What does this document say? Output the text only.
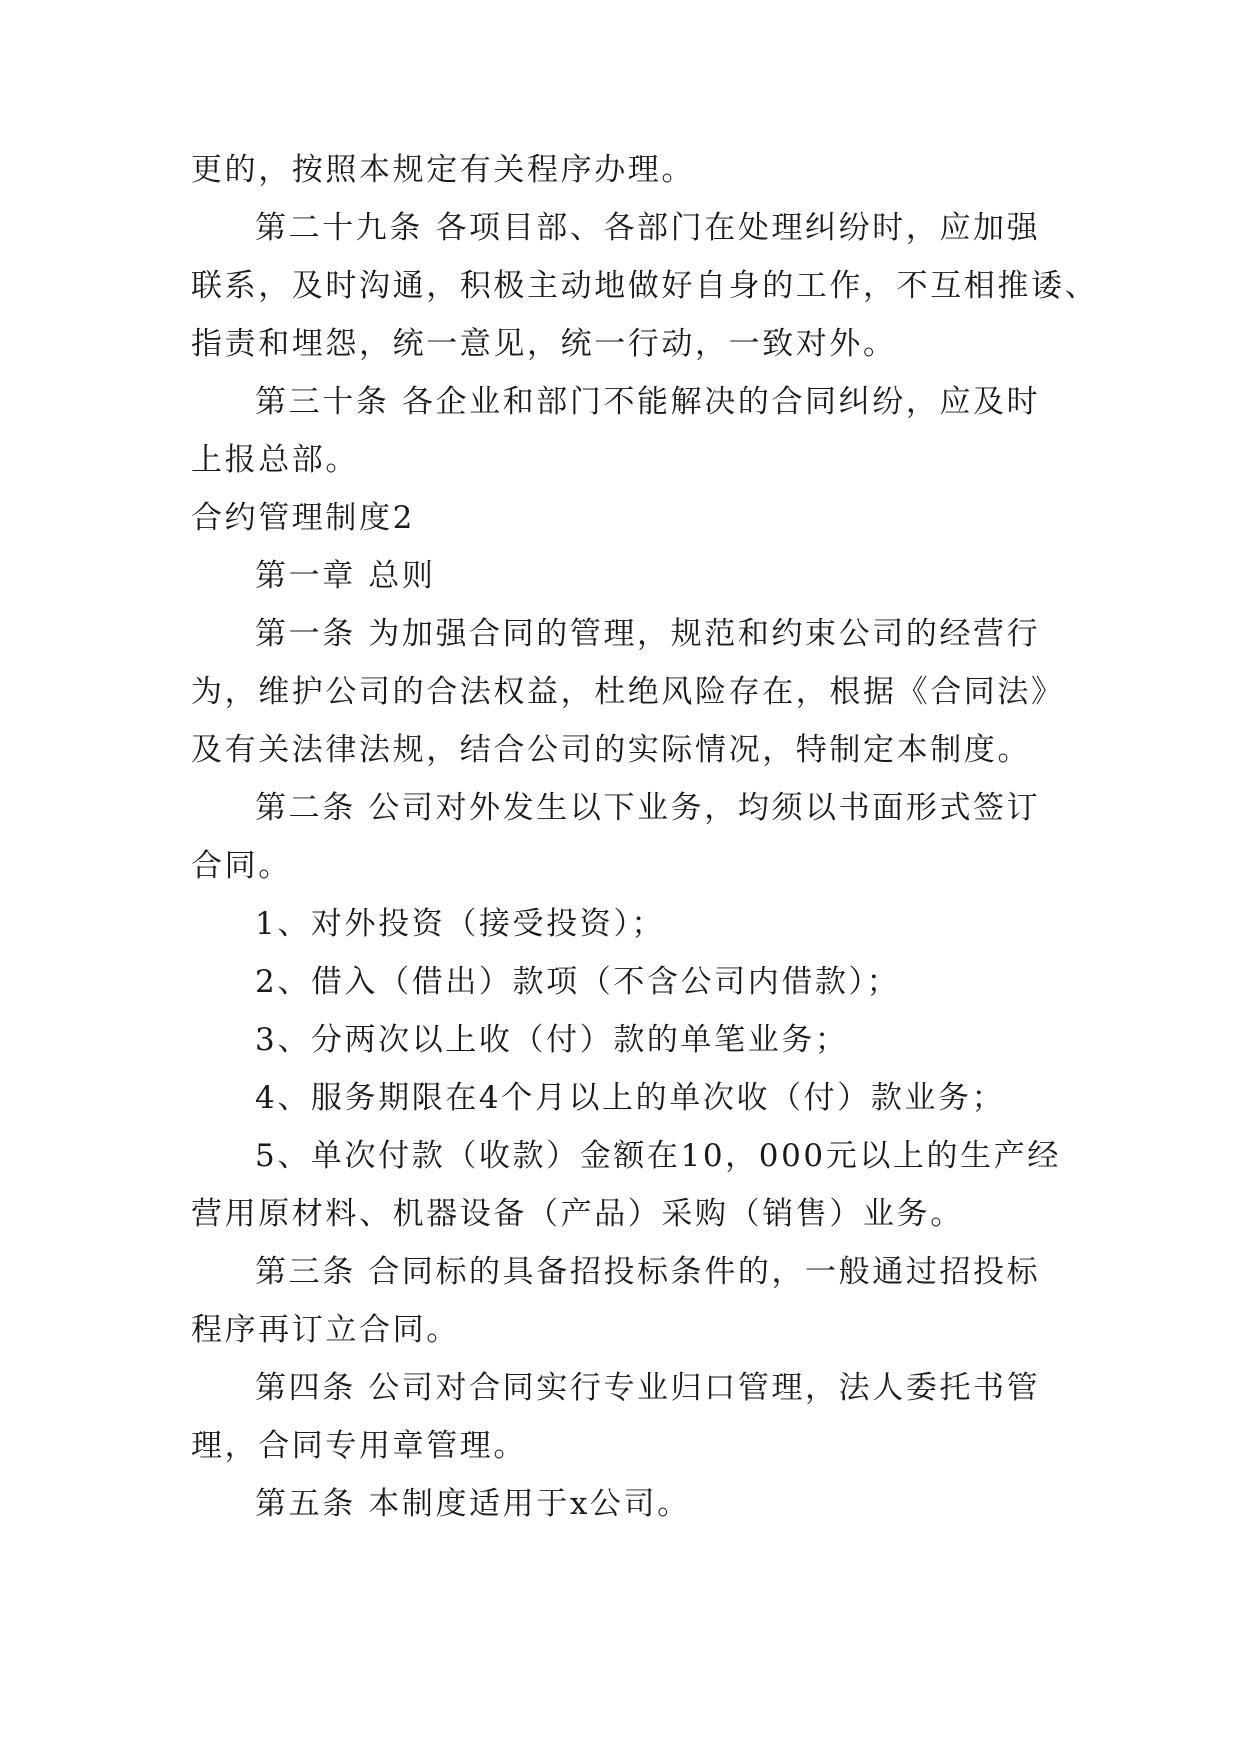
更的，按照本规定有关程序办理。
第二十九条 各项目部、各部门在处理纠纷时，应加强
联系，及时沟通，积极主动地做好自身的工作，不互相推诿、
指责和埋怨，统一意见，统一行动，一致对外。
第三十条 各企业和部门不能解决的合同纠纷，应及时
上报总部。
合约管理制度2
第一章 总则
第一条 为加强合同的管理，规范和约束公司的经营行
为，维护公司的合法权益，杜绝风险存在，根据《合同法》
及有关法律法规，结合公司的实际情况，特制定本制度。
第二条 公司对外发生以下业务，均须以书面形式签订
合同。
1、对外投资（接受投资）；
2、借入（借出）款项（不含公司内借款）；
3、分两次以上收（付）款的单笔业务；
4、服务期限在4个月以上的单次收（付）款业务；
5、单次付款（收款）金额在10，000元以上的生产经
营用原材料、机器设备（产品）采购（销售）业务。
第三条 合同标的具备招投标条件的，一般通过招投标
程序再订立合同。
第四条 公司对合同实行专业归口管理，法人委托书管
理，合同专用章管理。
第五条 本制度适用于x公司。
